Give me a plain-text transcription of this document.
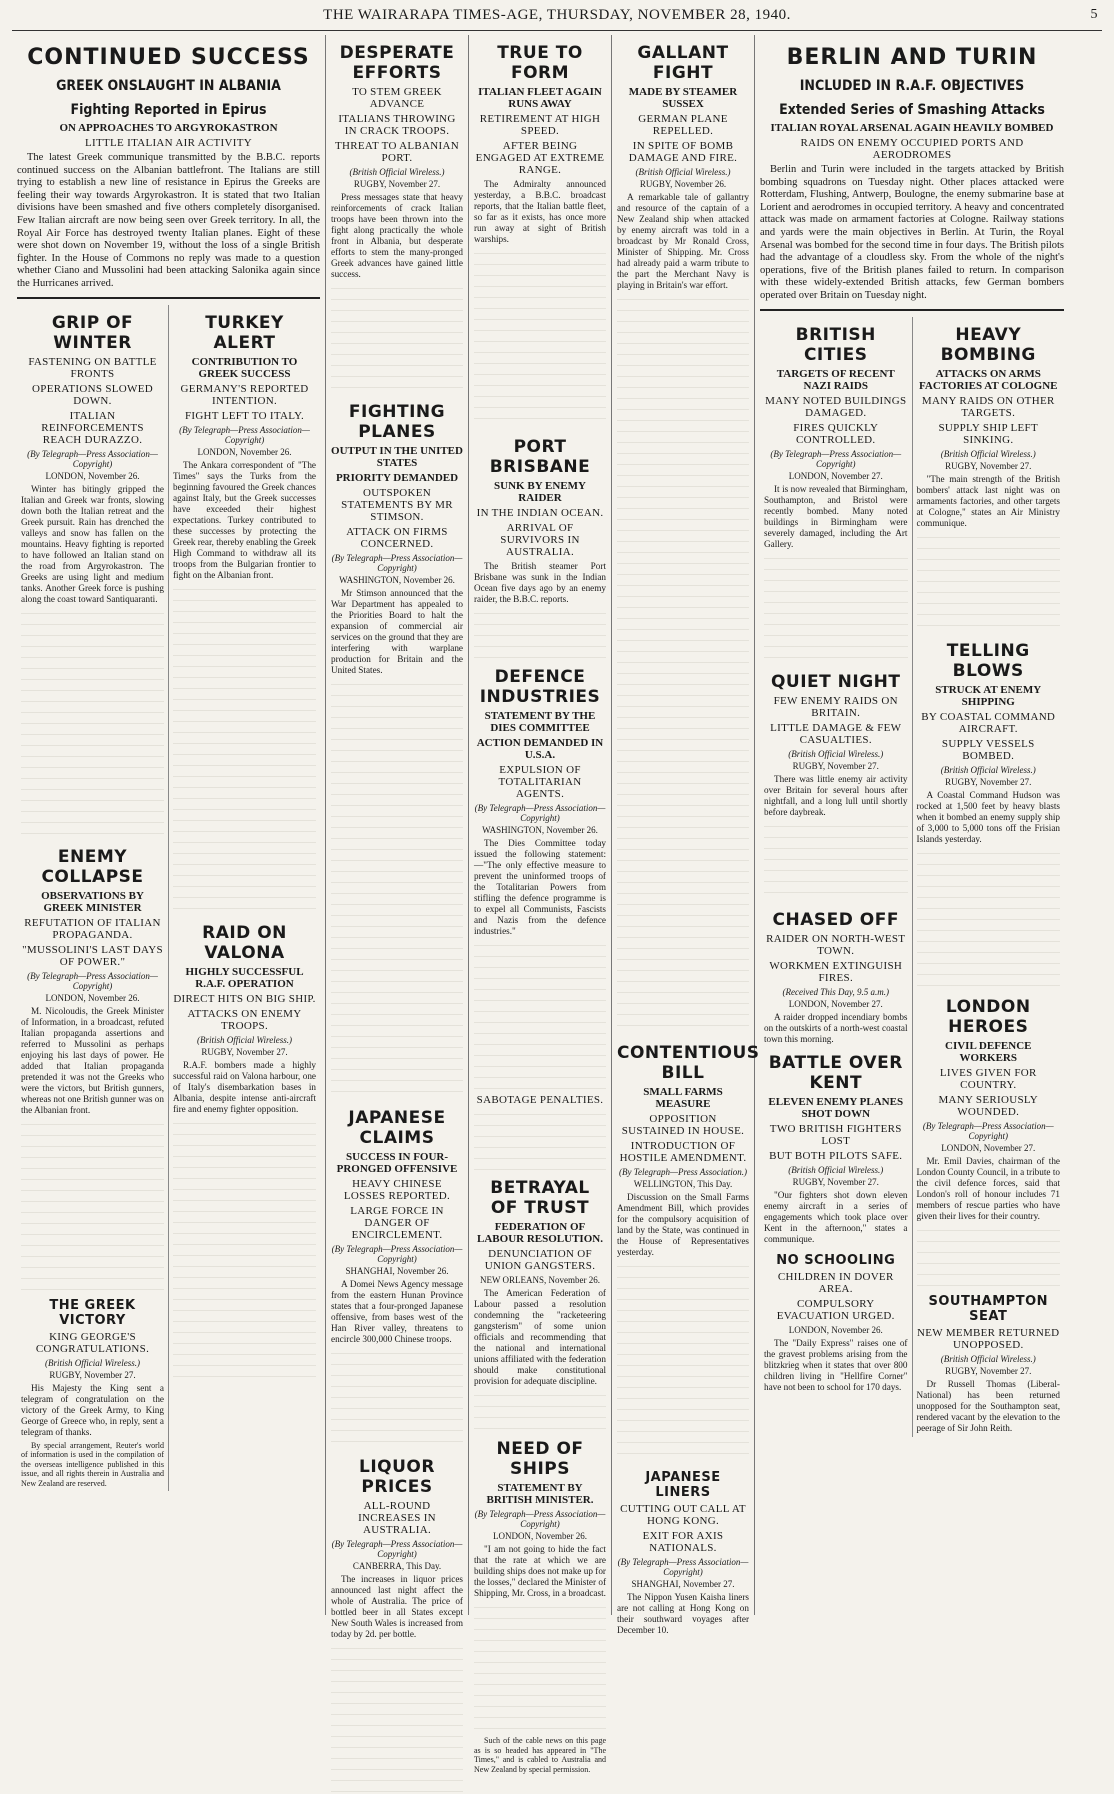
THE WAIRARAPA TIMES-AGE, THURSDAY, NOVEMBER 28, 1940.	5
CONTINUED SUCCESS
GREEK ONSLAUGHT IN ALBANIA
Fighting Reported in Epirus
ON APPROACHES TO ARGYROKASTRON
LITTLE ITALIAN AIR ACTIVITY

The latest Greek communique transmitted by the B.B.C. reports continued success on the Albanian battlefront. The Italians are still trying to establish a new line of resistance in Epirus the Greeks are feeling their way towards Argyrokastron. It is stated that two Italian divisions have been smashed and five others completely disorganised. Few Italian aircraft are now being seen over Greek territory. In all, the Royal Air Force has destroyed twenty Italian planes. Eight of these were shot down on November 19, without the loss of a single British fighter. In the House of Commons no reply was made to a question whether Ciano and Mussolini had been attacking Salonika again since the Hurricanes arrived.

GRIP OF WINTER
FASTENING ON BATTLE FRONTS
OPERATIONS SLOWED DOWN.
ITALIAN REINFORCEMENTS REACH DURAZZO.
(By Telegraph—Press Association—Copyright)
LONDON, November 26.

Winter has bitingly gripped the Italian and Greek war fronts, slowing down both the Italian retreat and the Greek pursuit. Rain has drenched the valleys and snow has fallen on the mountains. Heavy fighting is reported to have followed an Italian stand on the road from Argyrokastron. The Greeks are using light and medium tanks. Another Greek force is pushing along the coast toward Santiquaranti.

ENEMY COLLAPSE
OBSERVATIONS BY GREEK MINISTER
REFUTATION OF ITALIAN PROPAGANDA.
"MUSSOLINI'S LAST DAYS OF POWER."
(By Telegraph—Press Association—Copyright)
LONDON, November 26.

M. Nicoloudis, the Greek Minister of Information, in a broadcast, refuted Italian propaganda assertions and referred to Mussolini as perhaps enjoying his last days of power. He added that Italian propaganda pretended it was not the Greeks who were the victors, but British gunners, whereas not one British gunner was on the Albanian front.

THE GREEK VICTORY
KING GEORGE'S CONGRATULATIONS.
(British Official Wireless.)
RUGBY, November 27.

His Majesty the King sent a telegram of congratulation on the victory of the Greek Army, to King George of Greece who, in reply, sent a telegram of thanks.

By special arrangement, Reuter's world of information is used in the compilation of the overseas intelligence published in this issue, and all rights therein in Australia and New Zealand are reserved.

TURKEY ALERT
CONTRIBUTION TO GREEK SUCCESS
GERMANY'S REPORTED INTENTION.
FIGHT LEFT TO ITALY.
(By Telegraph—Press Association—Copyright)
LONDON, November 26.

The Ankara correspondent of "The Times" says the Turks from the beginning favoured the Greek chances against Italy, but the Greek successes have exceeded their highest expectations. Turkey contributed to these successes by protecting the Greek rear, thereby enabling the Greek High Command to withdraw all its troops from the Bulgarian frontier to fight on the Albanian front.

RAID ON VALONA
HIGHLY SUCCESSFUL R.A.F. OPERATION
DIRECT HITS ON BIG SHIP.
ATTACKS ON ENEMY TROOPS.
(British Official Wireless.)
RUGBY, November 27.

R.A.F. bombers made a highly successful raid on Valona harbour, one of Italy's disembarkation bases in Albania, despite intense anti-aircraft fire and enemy fighter opposition.

DESPERATE EFFORTS
TO STEM GREEK ADVANCE
ITALIANS THROWING IN CRACK TROOPS.
THREAT TO ALBANIAN PORT.
(British Official Wireless.)
RUGBY, November 27.

Press messages state that heavy reinforcements of crack Italian troops have been thrown into the fight along practically the whole front in Albania, but desperate efforts to stem the many-pronged Greek advances have gained little success.

FIGHTING PLANES
OUTPUT IN THE UNITED STATES
PRIORITY DEMANDED
OUTSPOKEN STATEMENTS BY MR STIMSON.
ATTACK ON FIRMS CONCERNED.
(By Telegraph—Press Association—Copyright)
WASHINGTON, November 26.

Mr Stimson announced that the War Department has appealed to the Priorities Board to halt the expansion of commercial air services on the ground that they are interfering with warplane production for Britain and the United States.

JAPANESE CLAIMS
SUCCESS IN FOUR-PRONGED OFFENSIVE
HEAVY CHINESE LOSSES REPORTED.
LARGE FORCE IN DANGER OF ENCIRCLEMENT.
(By Telegraph—Press Association—Copyright)
SHANGHAI, November 26.

A Domei News Agency message from the eastern Hunan Province states that a four-pronged Japanese offensive, from bases west of the Han River valley, threatens to encircle 300,000 Chinese troops.

LIQUOR PRICES
ALL-ROUND INCREASES IN AUSTRALIA.
(By Telegraph—Press Association—Copyright)
CANBERRA, This Day.

The increases in liquor prices announced last night affect the whole of Australia. The price of bottled beer in all States except New South Wales is increased from today by 2d. per bottle.

TRUE TO FORM
ITALIAN FLEET AGAIN RUNS AWAY
RETIREMENT AT HIGH SPEED.
AFTER BEING ENGAGED AT EXTREME RANGE.

The Admiralty announced yesterday, a B.B.C. broadcast reports, that the Italian battle fleet, so far as it exists, has once more run away at sight of British warships.

PORT BRISBANE
SUNK BY ENEMY RAIDER
IN THE INDIAN OCEAN.
ARRIVAL OF SURVIVORS IN AUSTRALIA.

The British steamer Port Brisbane was sunk in the Indian Ocean five days ago by an enemy raider, the B.B.C. reports.

DEFENCE INDUSTRIES
STATEMENT BY THE DIES COMMITTEE
ACTION DEMANDED IN U.S.A.
EXPULSION OF TOTALITARIAN AGENTS.
(By Telegraph—Press Association—Copyright)
WASHINGTON, November 26.

The Dies Committee today issued the following statement:—"The only effective measure to prevent the uninformed troops of the Totalitarian Powers from stifling the defence programme is to expel all Communists, Fascists and Nazis from the defence industries."

SABOTAGE PENALTIES.
BETRAYAL OF TRUST
FEDERATION OF LABOUR RESOLUTION.
DENUNCIATION OF UNION GANGSTERS.
NEW ORLEANS, November 26.

The American Federation of Labour passed a resolution condemning the "racketeering gangsterism" of some union officials and recommending that the national and international unions affiliated with the federation should make constitutional provision for adequate discipline.

NEED OF SHIPS
STATEMENT BY BRITISH MINISTER.
(By Telegraph—Press Association—Copyright)
LONDON, November 26.

"I am not going to hide the fact that the rate at which we are building ships does not make up for the losses," declared the Minister of Shipping, Mr. Cross, in a broadcast.

Such of the cable news on this page as is so headed has appeared in "The Times," and is cabled to Australia and New Zealand by special permission.

GALLANT FIGHT
MADE BY STEAMER SUSSEX
GERMAN PLANE REPELLED.
IN SPITE OF BOMB DAMAGE AND FIRE.
(British Official Wireless.)
RUGBY, November 26.

A remarkable tale of gallantry and resource of the captain of a New Zealand ship when attacked by enemy aircraft was told in a broadcast by Mr Ronald Cross, Minister of Shipping. Mr. Cross had already paid a warm tribute to the part the Merchant Navy is playing in Britain's war effort.

CONTENTIOUS BILL
SMALL FARMS MEASURE
OPPOSITION SUSTAINED IN HOUSE.
INTRODUCTION OF HOSTILE AMENDMENT.
(By Telegraph—Press Association.)
WELLINGTON, This Day.

Discussion on the Small Farms Amendment Bill, which provides for the compulsory acquisition of land by the State, was continued in the House of Representatives yesterday.

JAPANESE LINERS
CUTTING OUT CALL AT HONG KONG.
EXIT FOR AXIS NATIONALS.
(By Telegraph—Press Association—Copyright)
SHANGHAI, November 27.

The Nippon Yusen Kaisha liners are not calling at Hong Kong on their southward voyages after December 10.

BERLIN AND TURIN
INCLUDED IN R.A.F. OBJECTIVES
Extended Series of Smashing Attacks
ITALIAN ROYAL ARSENAL AGAIN HEAVILY BOMBED
RAIDS ON ENEMY OCCUPIED PORTS AND AERODROMES

Berlin and Turin were included in the targets attacked by British bombing squadrons on Tuesday night. Other places attacked were Rotterdam, Flushing, Antwerp, Boulogne, the enemy submarine base at Lorient and aerodromes in occupied territory. A heavy and concentrated attack was made on armament factories at Cologne. Railway stations and yards were the main objectives in Berlin. At Turin, the Royal Arsenal was bombed for the second time in four days. The British pilots had the advantage of a cloudless sky. From the whole of the night's operations, five of the British planes failed to return. In comparison with these widely-extended British attacks, few German bombers operated over Britain on Tuesday night.

BRITISH CITIES
TARGETS OF RECENT NAZI RAIDS
MANY NOTED BUILDINGS DAMAGED.
FIRES QUICKLY CONTROLLED.
(By Telegraph—Press Association—Copyright)
LONDON, November 27.

It is now revealed that Birmingham, Southampton, and Bristol were recently bombed. Many noted buildings in Birmingham were severely damaged, including the Art Gallery.

QUIET NIGHT
FEW ENEMY RAIDS ON BRITAIN.
LITTLE DAMAGE & FEW CASUALTIES.
(British Official Wireless.)
RUGBY, November 27.

There was little enemy air activity over Britain for several hours after nightfall, and a long lull until shortly before daybreak.

CHASED OFF
RAIDER ON NORTH-WEST TOWN.
WORKMEN EXTINGUISH FIRES.
(Received This Day, 9.5 a.m.)
LONDON, November 27.

A raider dropped incendiary bombs on the outskirts of a north-west coastal town this morning.

BATTLE OVER KENT
ELEVEN ENEMY PLANES SHOT DOWN
TWO BRITISH FIGHTERS LOST
BUT BOTH PILOTS SAFE.
(British Official Wireless.)
RUGBY, November 27.

"Our fighters shot down eleven enemy aircraft in a series of engagements which took place over Kent in the afternoon," states a communique.

NO SCHOOLING
CHILDREN IN DOVER AREA.
COMPULSORY EVACUATION URGED.
LONDON, November 26.

The "Daily Express" raises one of the gravest problems arising from the blitzkrieg when it states that over 800 children living in "Hellfire Corner" have not been to school for 170 days.

HEAVY BOMBING
ATTACKS ON ARMS FACTORIES AT COLOGNE
MANY RAIDS ON OTHER TARGETS.
SUPPLY SHIP LEFT SINKING.
(British Official Wireless.)
RUGBY, November 27.

"The main strength of the British bombers' attack last night was on armaments factories, and other targets at Cologne," states an Air Ministry communique.

TELLING BLOWS
STRUCK AT ENEMY SHIPPING
BY COASTAL COMMAND AIRCRAFT.
SUPPLY VESSELS BOMBED.
(British Official Wireless.)
RUGBY, November 27.

A Coastal Command Hudson was rocked at 1,500 feet by heavy blasts when it bombed an enemy supply ship of 3,000 to 5,000 tons off the Frisian Islands yesterday.

LONDON HEROES
CIVIL DEFENCE WORKERS
LIVES GIVEN FOR COUNTRY.
MANY SERIOUSLY WOUNDED.
(By Telegraph—Press Association—Copyright)
LONDON, November 27.

Mr. Emil Davies, chairman of the London County Council, in a tribute to the civil defence forces, said that London's roll of honour includes 71 members of rescue parties who have given their lives for their country.

SOUTHAMPTON SEAT
NEW MEMBER RETURNED UNOPPOSED.
(British Official Wireless.)
RUGBY, November 27.

Dr Russell Thomas (Liberal-National) has been returned unopposed for the Southampton seat, rendered vacant by the elevation to the peerage of Sir John Reith.
